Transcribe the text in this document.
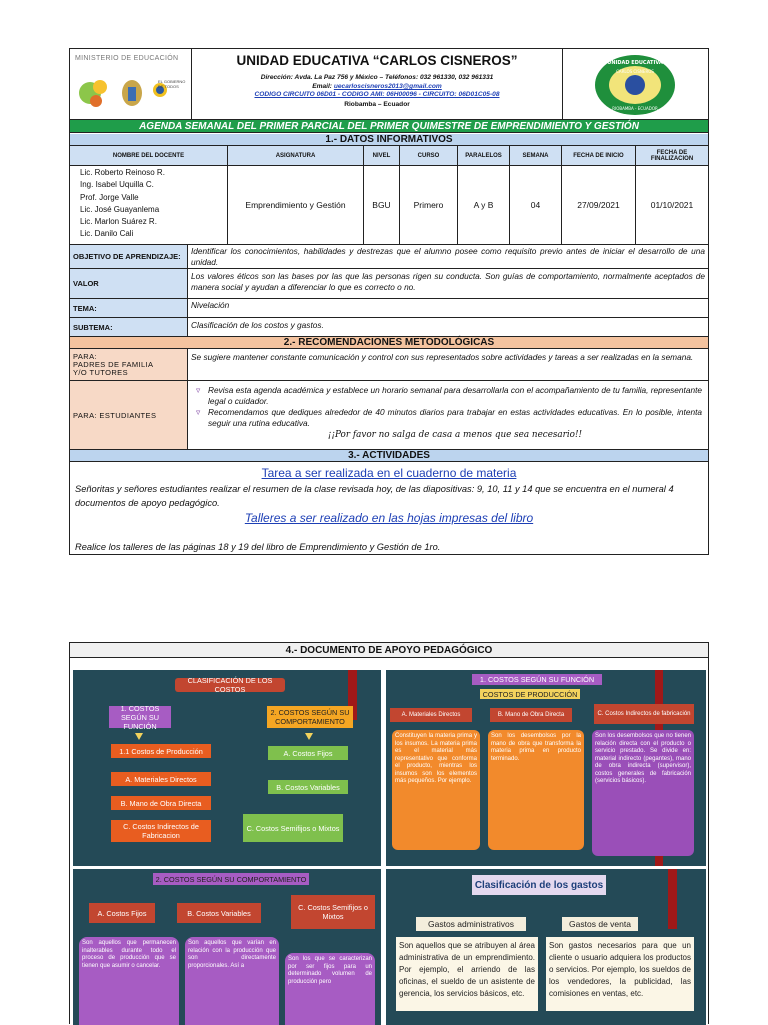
MINISTERIO DE EDUCACIÓN
EL GOBIERNO DE TODOS
UNIDAD EDUCATIVA “CARLOS CISNEROS”
Dirección: Avda. La Paz 756 y México – Teléfonos: 032 961330, 032 961331
Email: uecarloscisneros2013@gmail.com
CODIGO CIRCUITO 06D01 - CODIGO AMI: 06H00096 - CIRCUITO: 06D01C05-08
Riobamba – Ecuador
UNIDAD EDUCATIVA
CARLOS CISNEROS
RIOBAMBA - ECUADOR
AGENDA SEMANAL DEL PRIMER PARCIAL DEL PRIMER QUIMESTRE DE EMPRENDIMIENTO Y GESTIÓN
1.- DATOS INFORMATIVOS
NOMBRE DEL DOCENTE	ASIGNATURA	NIVEL	CURSO	PARALELOS	SEMANA	FECHA DE INICIO	FECHA DE FINALIZACION
Lic. Roberto Reinoso R.
Ing. Isabel Uquilla C.
Prof. Jorge Valle
Lic. José Guayanlema
Lic. Marlon Suárez R.
Lic. Danilo Cali
Emprendimiento y Gestión	BGU	Primero	A y B	04	27/09/2021	01/10/2021
OBJETIVO DE APRENDIZAJE:
Identificar los conocimientos, habilidades y destrezas que el alumno posee como requisito previo antes de iniciar el desarrollo de una unidad.
VALOR
Los valores éticos son las bases por las que las personas rigen su conducta. Son guías de comportamiento, normalmente aceptados de manera social y ayudan a diferenciar lo que es correcto o no.
TEMA:	Nivelación
SUBTEMA:	Clasificación de los costos y gastos.
2.- RECOMENDACIONES METODOLÓGICAS
PARA:
PADRES DE FAMILIA
Y/O TUTORES
Se sugiere mantener constante comunicación y control con sus representados sobre actividades y tareas a ser realizadas en la semana.
PARA: ESTUDIANTES
▿ Revisa esta agenda académica y establece un horario semanal para desarrollarla con el acompañamiento de tu familia, representante legal o cuidador.
▿ Recomendamos que dediques alrededor de 40 minutos diarios para trabajar en estas actividades educativas. En lo posible, intenta seguir una rutina educativa.
¡¡Por favor no salga de casa a menos que sea necesario!!
3.- ACTIVIDADES
Tarea a ser realizada en el cuaderno de materia
Señoritas y señores estudiantes realizar el resumen de la clase revisada hoy, de las diapositivas: 9, 10, 11 y 14 que se encuentra en el numeral 4 documentos de apoyo pedagógico.
Talleres a ser realizado en las hojas impresas del libro
Realice los talleres de las páginas 18 y 19 del libro de Emprendimiento y Gestión de 1ro.
4.- DOCUMENTO DE APOYO PEDAGÓGICO
CLASIFICACIÓN DE LOS COSTOS
1. COSTOS SEGÚN SU FUNCIÓN
2. COSTOS SEGÚN SU COMPORTAMIENTO
1.1 Costos de Producción
A. Materiales Directos
B. Mano de Obra Directa
C. Costos Indirectos de Fabricacion
A. Costos Fijos
B. Costos Variables
C. Costos Semifijos o Mixtos
1. COSTOS SEGÚN SU FUNCIÓN
COSTOS DE PRODUCCIÓN
A. Materiales Directos	B. Mano de Obra Directa	C. Costos Indirectos de fabricación
Constituyen la materia prima y los insumos. La materia prima es el material más representativo que conforma el producto, mientras los insumos son los elementos más pequeños. Por ejemplo.
Son los desembolsos por la mano de obra que transforma la materia prima en producto terminado.
Son los desembolsos que no tienen relación directa con el producto o servicio prestado. Se divide en: material indirecto (pegantes), mano de obra indirecta (supervisor), costos generales de fabricación (servicios básicos).
2. COSTOS SEGÚN SU COMPORTAMIENTO
A. Costos Fijos	B. Costos Variables
C. Costos Semifijos o Mixtos
Son aquellos que permanecen inalterables durante todo el proceso de producción que se tienen que asumir o cancelar.
Son aquellos que varían en relación con la producción que son directamente proporcionales. Así a
Son los que se caracterizan por ser fijos para un determinado volumen de producción pero
Clasificación de los gastos
Gastos administrativos	Gastos de venta
Son aquellos que se atribuyen al área administrativa de un emprendimiento. Por ejemplo, el arriendo de las oficinas, el sueldo de un asistente de gerencia, los servicios básicos, etc.
Son gastos necesarios para que un cliente o usuario adquiera los productos o servicios. Por ejemplo, los sueldos de los vendedores, la publicidad, las comisiones en ventas, etc.
